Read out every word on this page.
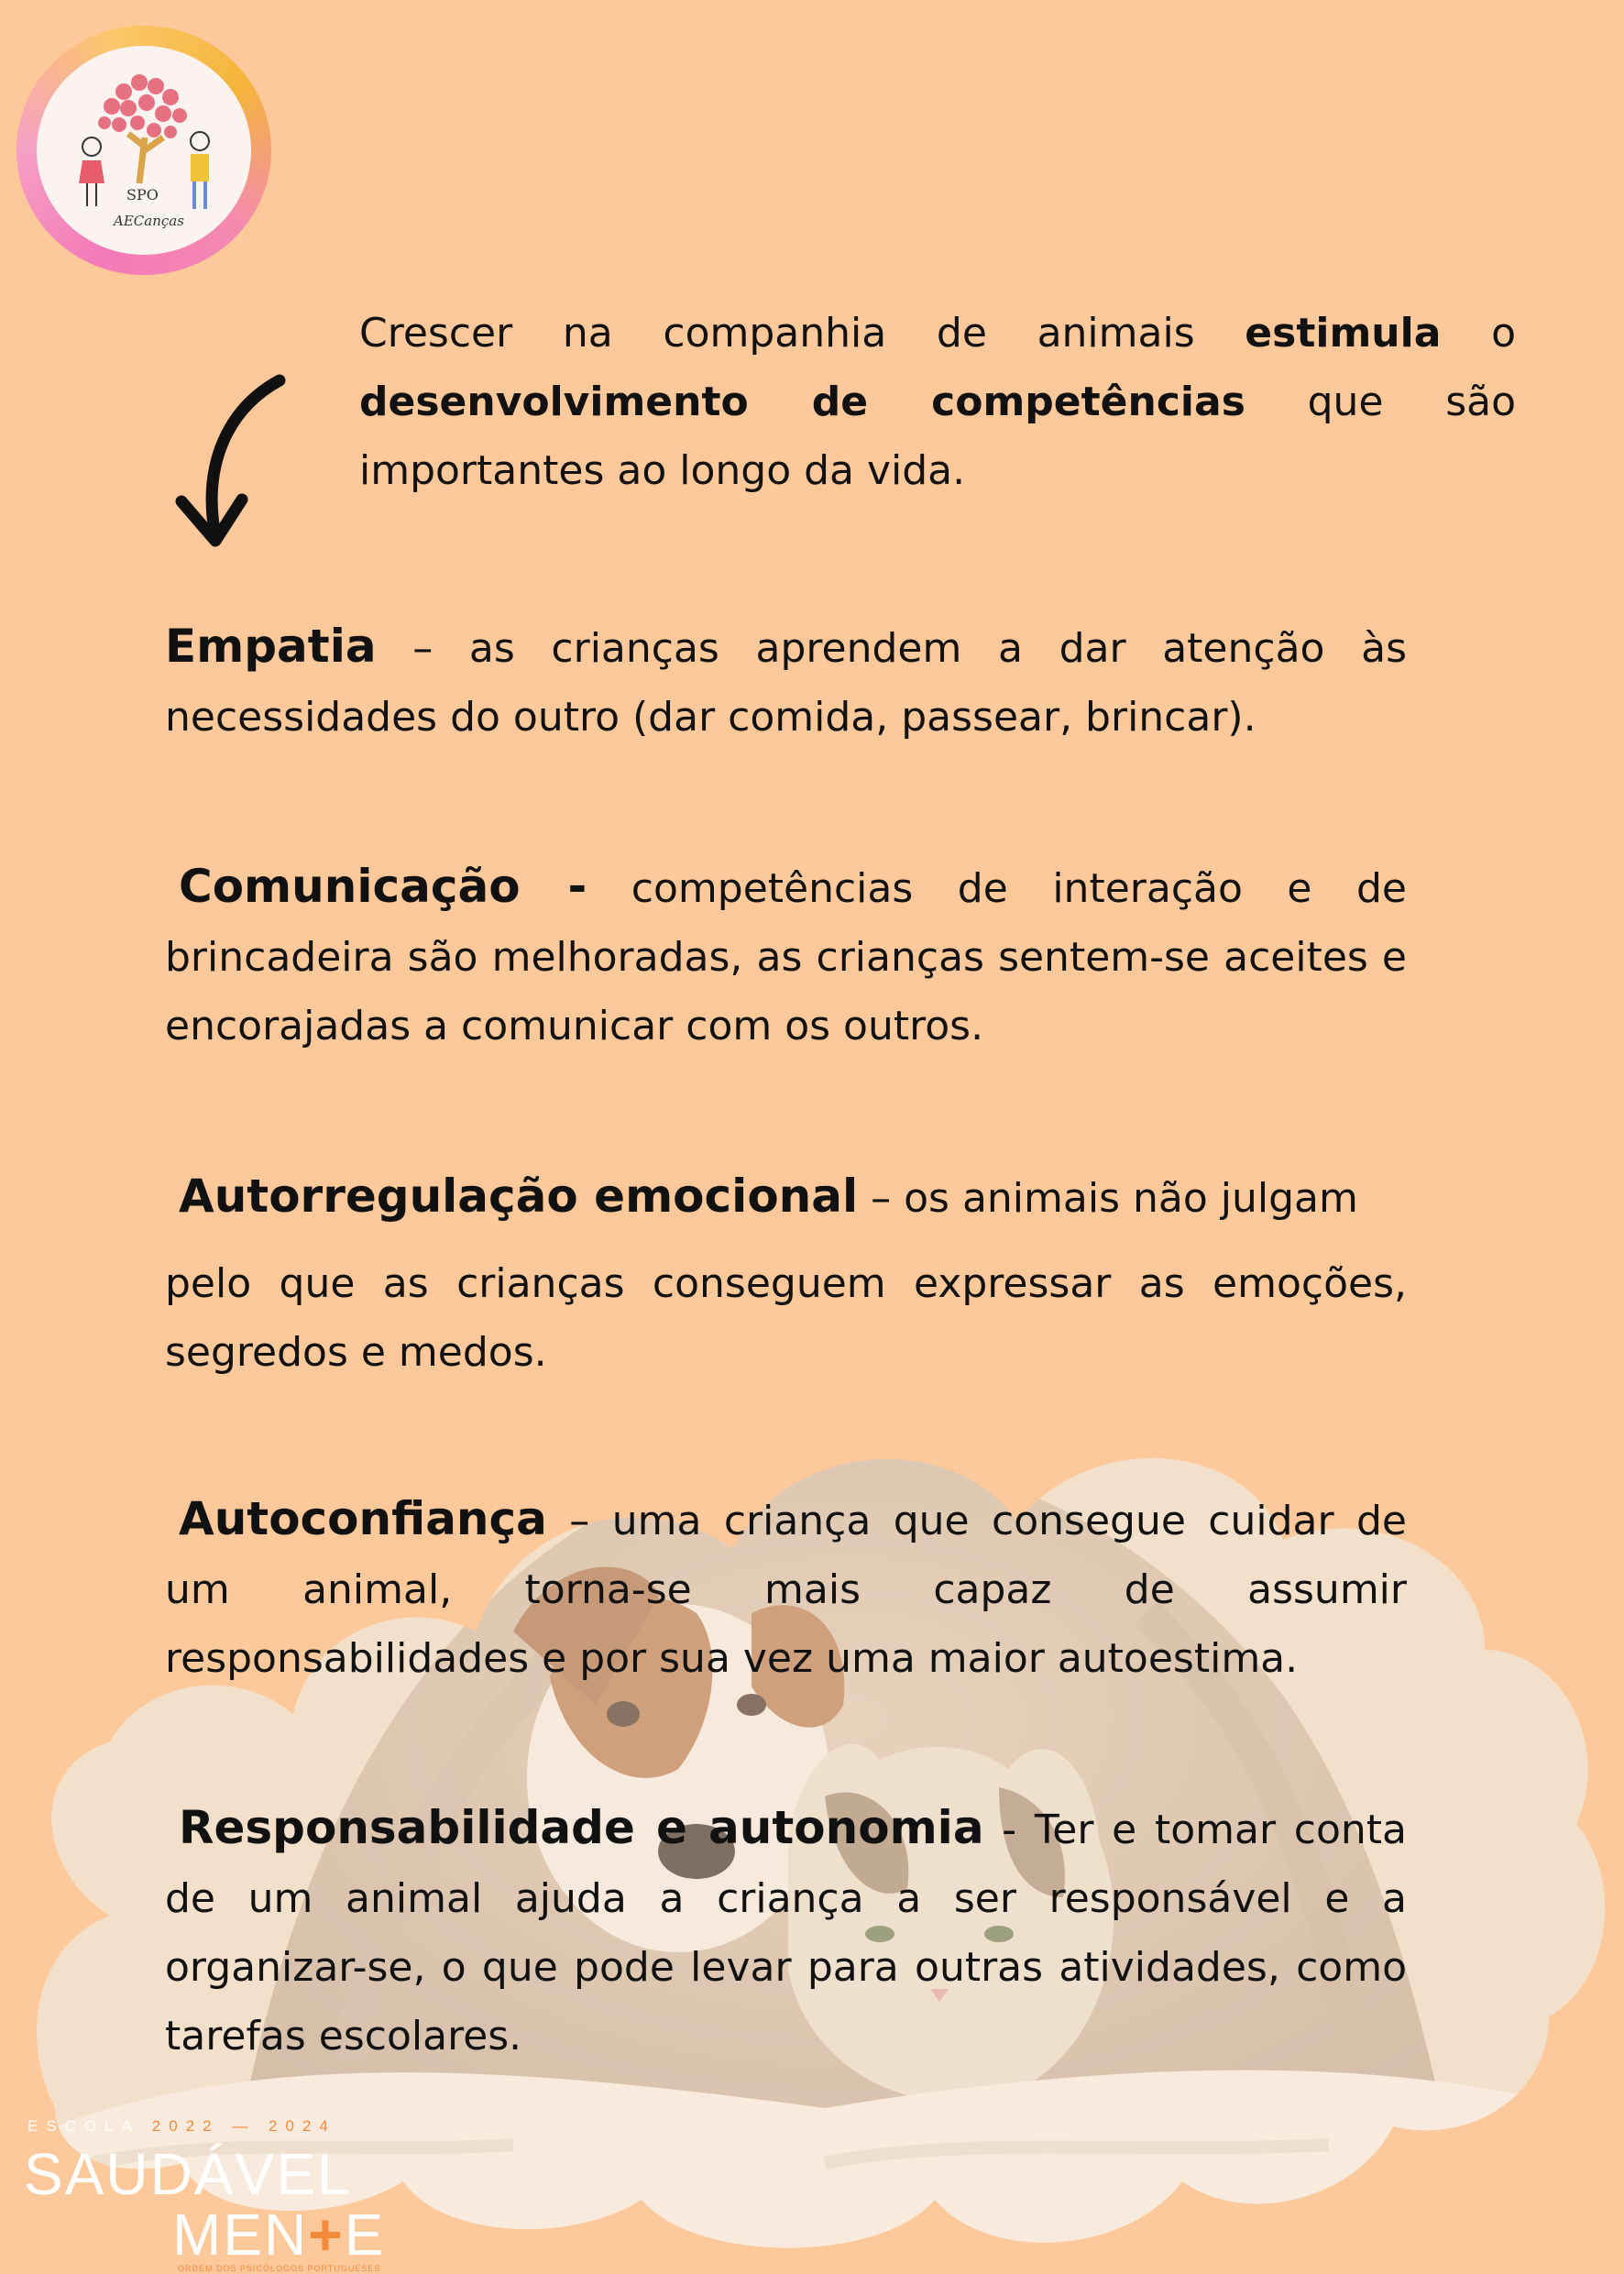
SPO
AECanças

Crescer na companhia de animais estimula o desenvolvimento de competências que são importantes ao longo da vida.

Empatia – as crianças aprendem a dar atenção às necessidades do outro (dar comida, passear, brincar).

Comunicação - competências de interação e de brincadeira são melhoradas, as crianças sentem-se aceites e encorajadas a comunicar com os outros.

Autorregulação emocional – os animais não julgam
pelo que as crianças conseguem expressar as emoções, segredos e medos.

Autoconfiança – uma criança que consegue cuidar de um animal, torna-se mais capaz de assumir responsabilidades e por sua vez uma maior autoestima.

Responsabilidade e autonomia - Ter e tomar conta de um animal ajuda a criança a ser responsável e a organizar-se, o que pode levar para outras atividades, como tarefas escolares.

ESCOLA 2022 — 2024
SAUDÁVEL
MEN+E
ORDEM DOS PSICÓLOGOS PORTUGUESES
